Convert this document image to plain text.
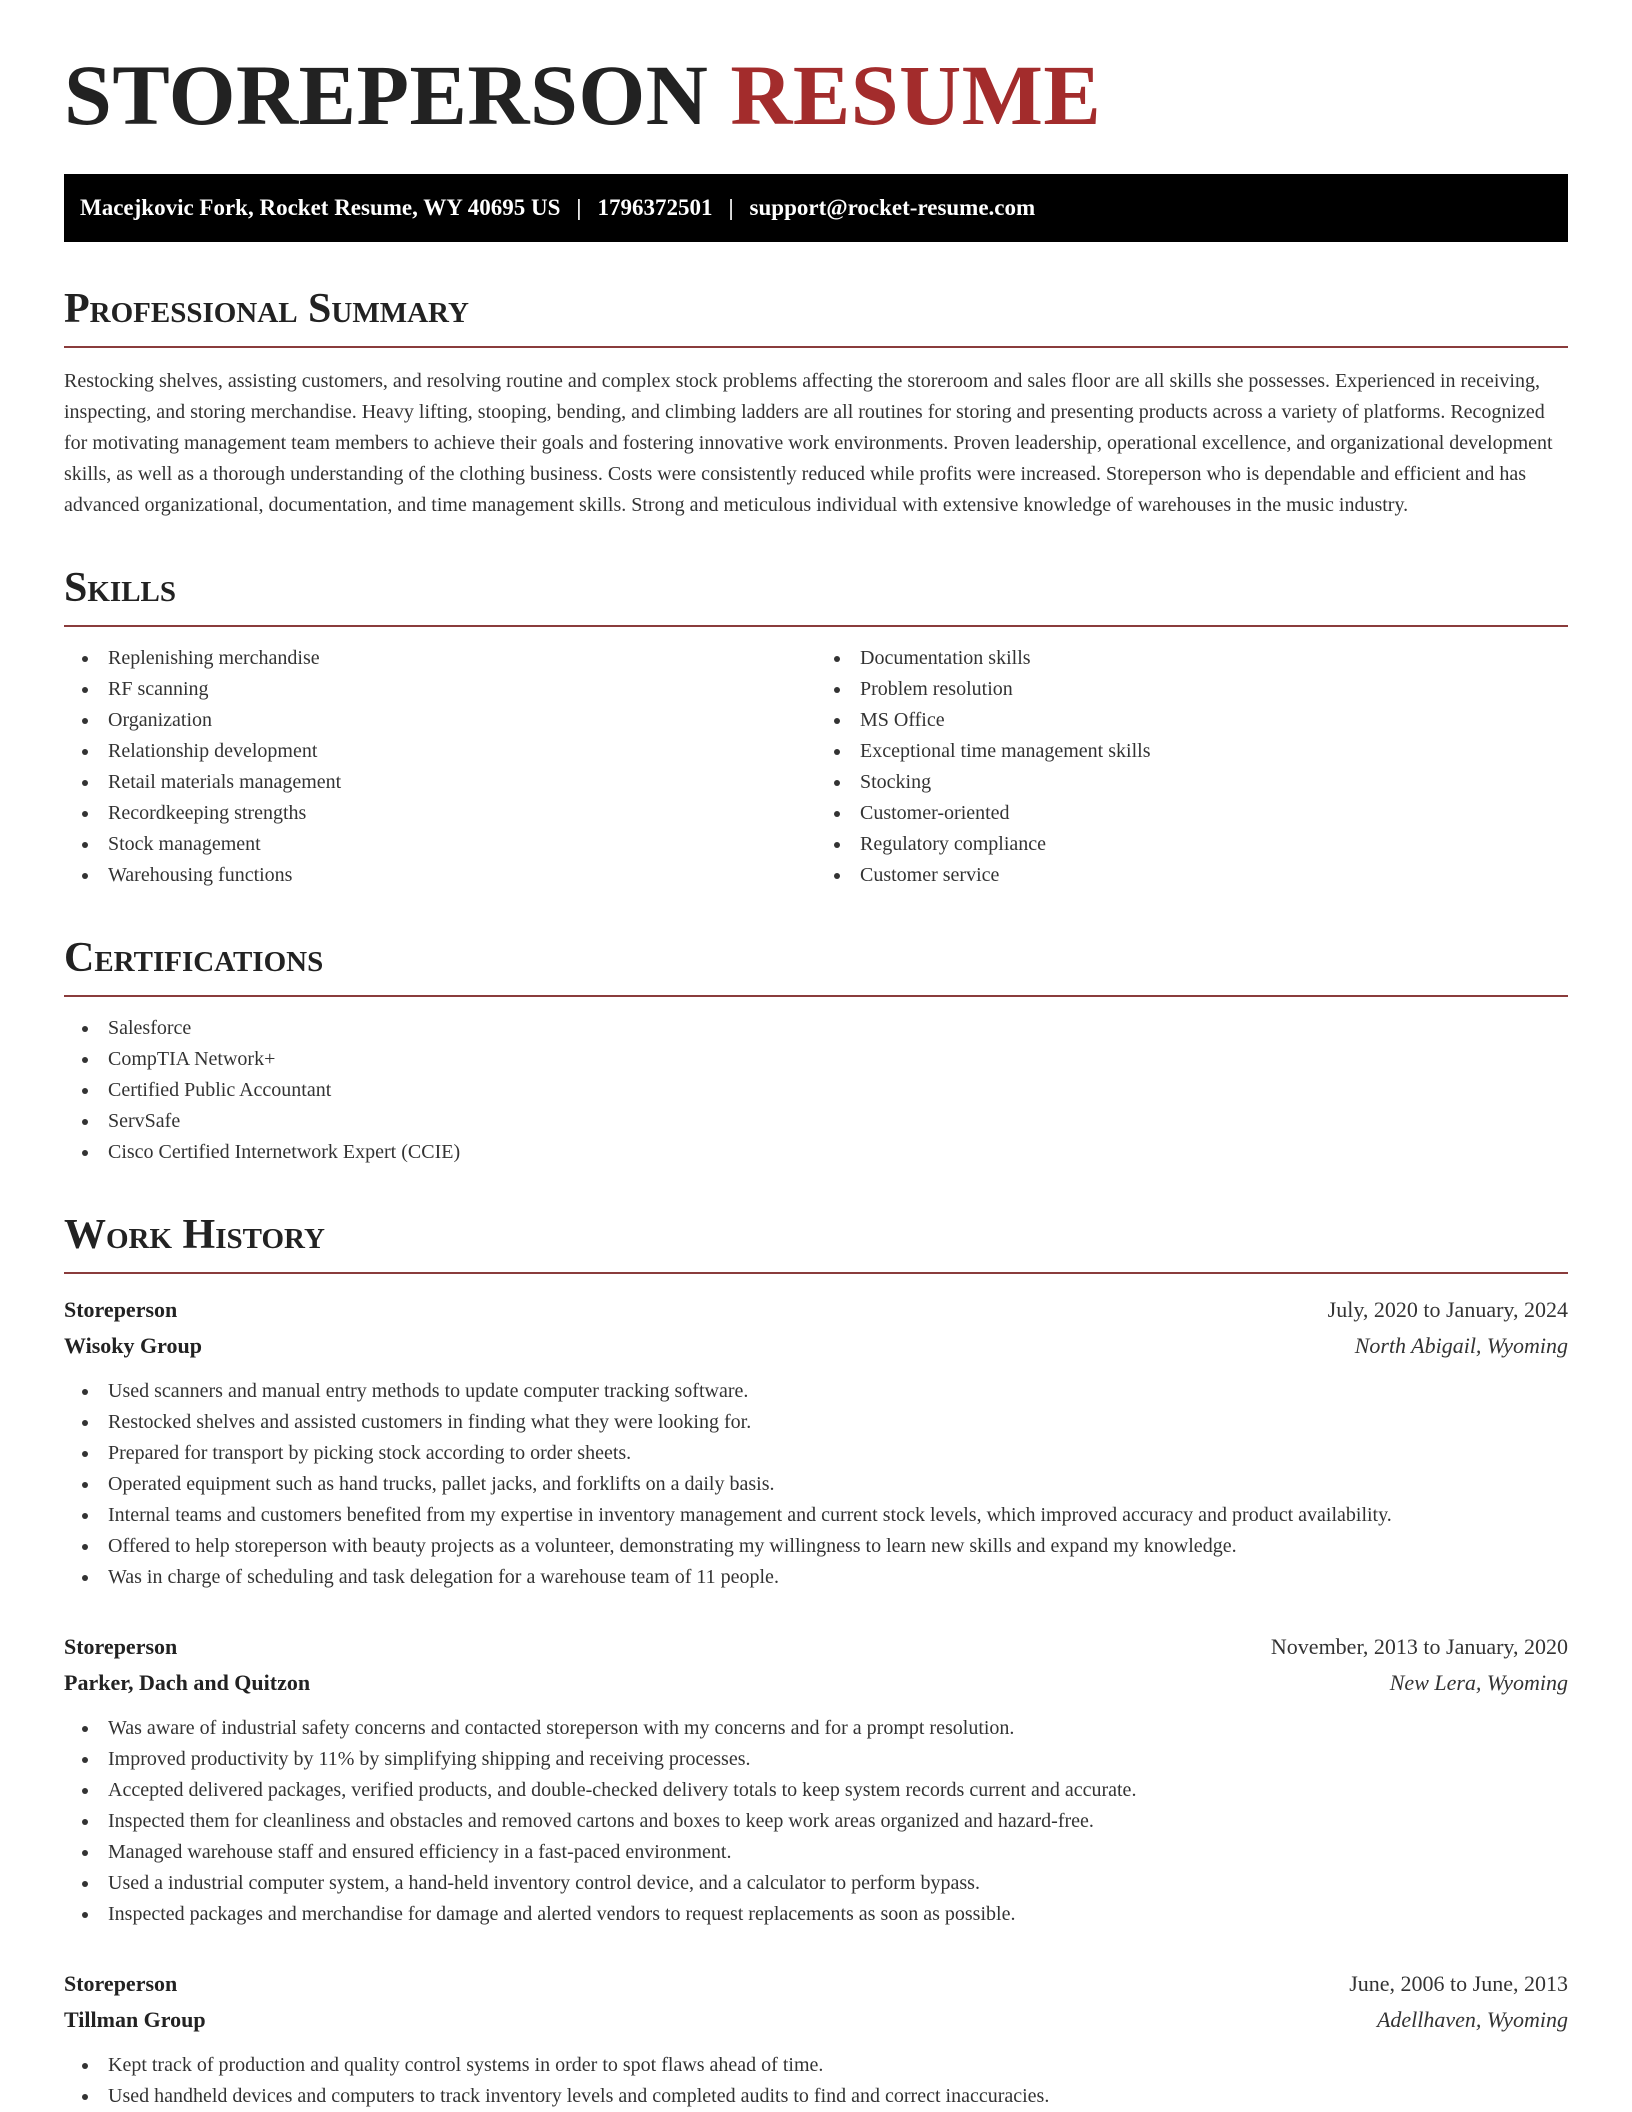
STOREPERSON RESUME
Macejkovic Fork, Rocket Resume, WY 40695 US | 1796372501 | support@rocket-resume.com
Professional Summary

Restocking shelves, assisting customers, and resolving routine and complex stock problems affecting the storeroom and sales floor are all skills she possesses. Experienced in receiving, inspecting, and storing merchandise. Heavy lifting, stooping, bending, and climbing ladders are all routines for storing and presenting products across a variety of platforms. Recognized for motivating management team members to achieve their goals and fostering innovative work environments. Proven leadership, operational excellence, and organizational development skills, as well as a thorough understanding of the clothing business. Costs were consistently reduced while profits were increased. Storeperson who is dependable and efficient and has advanced organizational, documentation, and time management skills. Strong and meticulous individual with extensive knowledge of warehouses in the music industry.

Skills
Replenishing merchandise
RF scanning
Organization
Relationship development
Retail materials management
Recordkeeping strengths
Stock management
Warehousing functions
Documentation skills
Problem resolution
MS Office
Exceptional time management skills
Stocking
Customer-oriented
Regulatory compliance
Customer service
Certifications
Salesforce
CompTIA Network+
Certified Public Accountant
ServSafe
Cisco Certified Internetwork Expert (CCIE)
Work History
Storeperson	July, 2020 to January, 2024
Wisoky Group	North Abigail, Wyoming
Used scanners and manual entry methods to update computer tracking software.
Restocked shelves and assisted customers in finding what they were looking for.
Prepared for transport by picking stock according to order sheets.
Operated equipment such as hand trucks, pallet jacks, and forklifts on a daily basis.
Internal teams and customers benefited from my expertise in inventory management and current stock levels, which improved accuracy and product availability.
Offered to help storeperson with beauty projects as a volunteer, demonstrating my willingness to learn new skills and expand my knowledge.
Was in charge of scheduling and task delegation for a warehouse team of 11 people.
Storeperson	November, 2013 to January, 2020
Parker, Dach and Quitzon	New Lera, Wyoming
Was aware of industrial safety concerns and contacted storeperson with my concerns and for a prompt resolution.
Improved productivity by 11% by simplifying shipping and receiving processes.
Accepted delivered packages, verified products, and double-checked delivery totals to keep system records current and accurate.
Inspected them for cleanliness and obstacles and removed cartons and boxes to keep work areas organized and hazard-free.
Managed warehouse staff and ensured efficiency in a fast-paced environment.
Used a industrial computer system, a hand-held inventory control device, and a calculator to perform bypass.
Inspected packages and merchandise for damage and alerted vendors to request replacements as soon as possible.
Storeperson	June, 2006 to June, 2013
Tillman Group	Adellhaven, Wyoming
Kept track of production and quality control systems in order to spot flaws ahead of time.
Used handheld devices and computers to track inventory levels and completed audits to find and correct inaccuracies.
